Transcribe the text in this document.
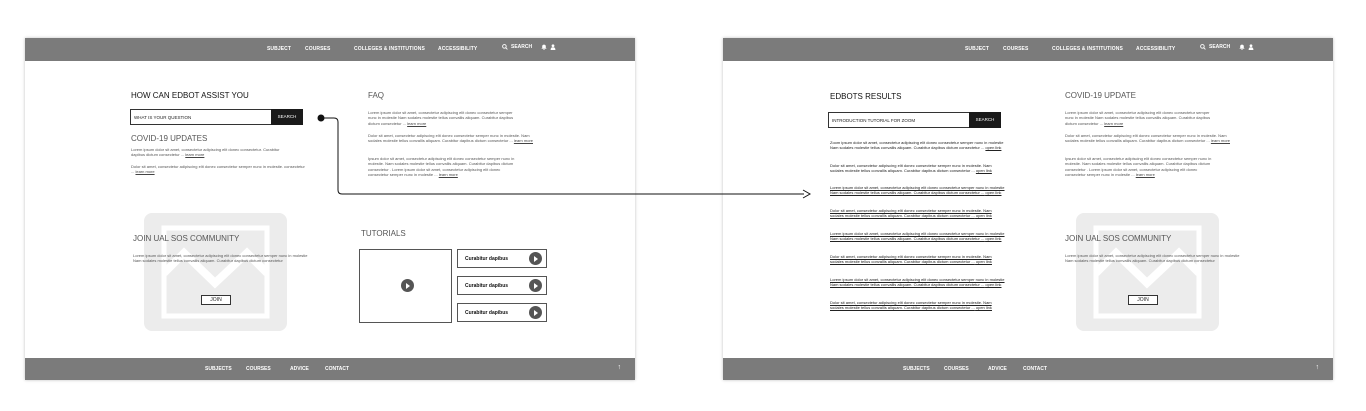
SUBJECT	COURSES	COLLEGES & INSTITUTIONS	ACCESSIBILITY	SEARCH
HOW CAN EDBOT ASSIST YOU
WHAT IS YOUR QUESTION	SEARCH
COVID-19 UPDATES
Lorem ipsum dolor sit amet, consectetur adipiscing elit donec consectetur. Curabitur dapibus dictum consectetur ... learn more
Dolor sit amet, consectetur adipiscing elit donec consectetur semper nunc in molestie. consectetur ... learn more
FAQ
Lorem ipsum dolor sit amet, consectetur adipiscing elit donec consectetur semper nunc in molestie Nam sodales molestie tellus convallis aliquam. Curabitur dapibus dictum consectetur ... learn more
Dolor sit amet, consectetur adipiscing elit donec consectetur semper nunc in molestie. Nam sodales molestie tellus convallis aliquam. Curabitur dapibus dictum consectetur ... learn more
Ipsum dolor sit amet, consectetur adipiscing elit donec consectetur semper nunc in molestie. Nam sodales molestie tellus convallis aliquam. Curabitur dapibus dictum consectetur . Lorem ipsum dolor sit amet, consectetur adipiscing elit donec consectetur semper nunc in molestie ... learn more
JOIN UAL SOS COMMUNITY
Lorem ipsum dolor sit amet, consectetur adipiscing elit donec consectetur semper nunc in molestie Nam sodales molestie tellus convallis aliquam. Curabitur dapibus dictum consectetur
JOIN
TUTORIALS
Curabitur dapibus
Curabitur dapibus
Curabitur dapibus
SUBJECTS	COURSES	ADVICE	CONTACT	↑
SUBJECT	COURSES	COLLEGES & INSTITUTIONS	ACCESSIBILITY	SEARCH
EDBOTS RESULTS
INTRODUCTION TUTORIAL FOR ZOOM	SEARCH
Zoom ipsum dolor sit amet, consectetur adipiscing elit donec consectetur semper nunc in molestie Nam sodales molestie tellus convallis aliquam. Curabitur dapibus dictum consectetur ... open link
Dolor sit amet, consectetur adipiscing elit donec consectetur semper nunc in molestie. Nam sodales molestie tellus convallis aliquam. Curabitur dapibus dictum consectetur ... open link
Lorem ipsum dolor sit amet, consectetur adipiscing elit donec consectetur semper nunc in molestie Nam sodales molestie tellus convallis aliquam. Curabitur dapibus dictum consectetur ... open link
Dolor sit amet, consectetur adipiscing elit donec consectetur semper nunc in molestie. Nam sodales molestie tellus convallis aliquam. Curabitur dapibus dictum consectetur ... open link
Lorem ipsum dolor sit amet, consectetur adipiscing elit donec consectetur semper nunc in molestie Nam sodales molestie tellus convallis aliquam. Curabitur dapibus dictum consectetur ... open link
Dolor sit amet, consectetur adipiscing elit donec consectetur semper nunc in molestie. Nam sodales molestie tellus convallis aliquam. Curabitur dapibus dictum consectetur ... open link
Lorem ipsum dolor sit amet, consectetur adipiscing elit donec consectetur semper nunc in molestie Nam sodales molestie tellus convallis aliquam. Curabitur dapibus dictum consectetur ... open link
Dolor sit amet, consectetur adipiscing elit donec consectetur semper nunc in molestie. Nam sodales molestie tellus convallis aliquam. Curabitur dapibus dictum consectetur ... open link
COVID-19 UPDATE
Lorem ipsum dolor sit amet, consectetur adipiscing elit donec consectetur semper nunc in molestie Nam sodales molestie tellus convallis aliquam. Curabitur dapibus dictum consectetur ... learn more
Dolor sit amet, consectetur adipiscing elit donec consectetur semper nunc in molestie. Nam sodales molestie tellus convallis aliquam. Curabitur dapibus dictum consectetur ... learn more
Ipsum dolor sit amet, consectetur adipiscing elit donec consectetur semper nunc in molestie. Nam sodales molestie tellus convallis aliquam. Curabitur dapibus dictum consectetur . Lorem ipsum dolor sit amet, consectetur adipiscing elit donec consectetur semper nunc in molestie ... learn more
JOIN UAL SOS COMMUNITY
Lorem ipsum dolor sit amet, consectetur adipiscing elit donec consectetur semper nunc in molestie Nam sodales molestie tellus convallis aliquam. Curabitur dapibus dictum consectetur
JOIN
SUBJECTS	COURSES	ADVICE	CONTACT	↑
